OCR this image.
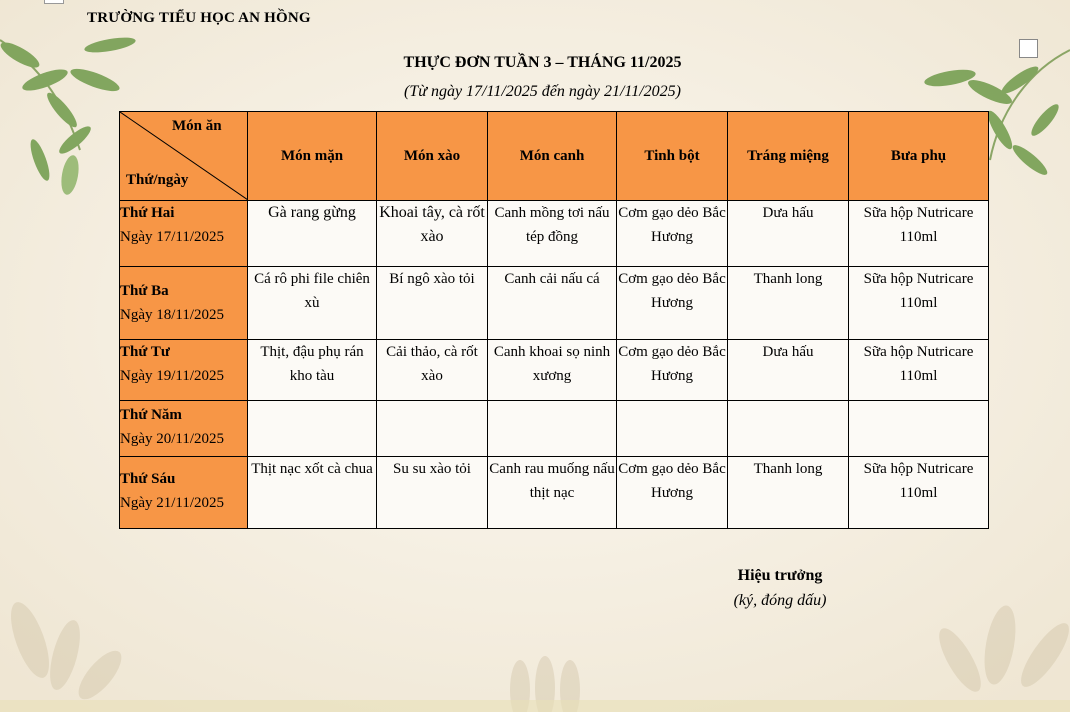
TRƯỜNG TIỂU HỌC AN HỒNG
THỰC ĐƠN TUẦN 3 – THÁNG 11/2025
(Từ ngày 17/11/2025 đến ngày 21/11/2025)
Món ăn
Thứ/ngày	Món mặn	Món xào	Món canh	Tinh bột	Tráng miệng	Bưa phụ

Thứ Hai
Ngày 17/11/2025	Gà rang gừng	Khoai tây, cà rốt xào	Canh mồng tơi nấu tép đồng	Cơm gạo dẻo Bắc Hương	Dưa hấu	Sữa hộp Nutricare 110ml

Thứ Ba
Ngày 18/11/2025	Cá rô phi file chiên xù	Bí ngô xào tỏi	Canh cải nấu cá	Cơm gạo dẻo Bắc Hương	Thanh long	Sữa hộp Nutricare 110ml

Thứ Tư
Ngày 19/11/2025	Thịt, đậu phụ rán kho tàu	Cải thảo, cà rốt xào	Canh khoai sọ ninh xương	Cơm gạo dẻo Bắc Hương	Dưa hấu	Sữa hộp Nutricare 110ml

Thứ Năm
Ngày 20/11/2025						

Thứ Sáu
Ngày 21/11/2025	Thịt nạc xốt cà chua	Su su xào tỏi	Canh rau muống nấu thịt nạc	Cơm gạo dẻo Bắc Hương	Thanh long	Sữa hộp Nutricare 110ml
Hiệu trưởng
(ký, đóng dấu)
